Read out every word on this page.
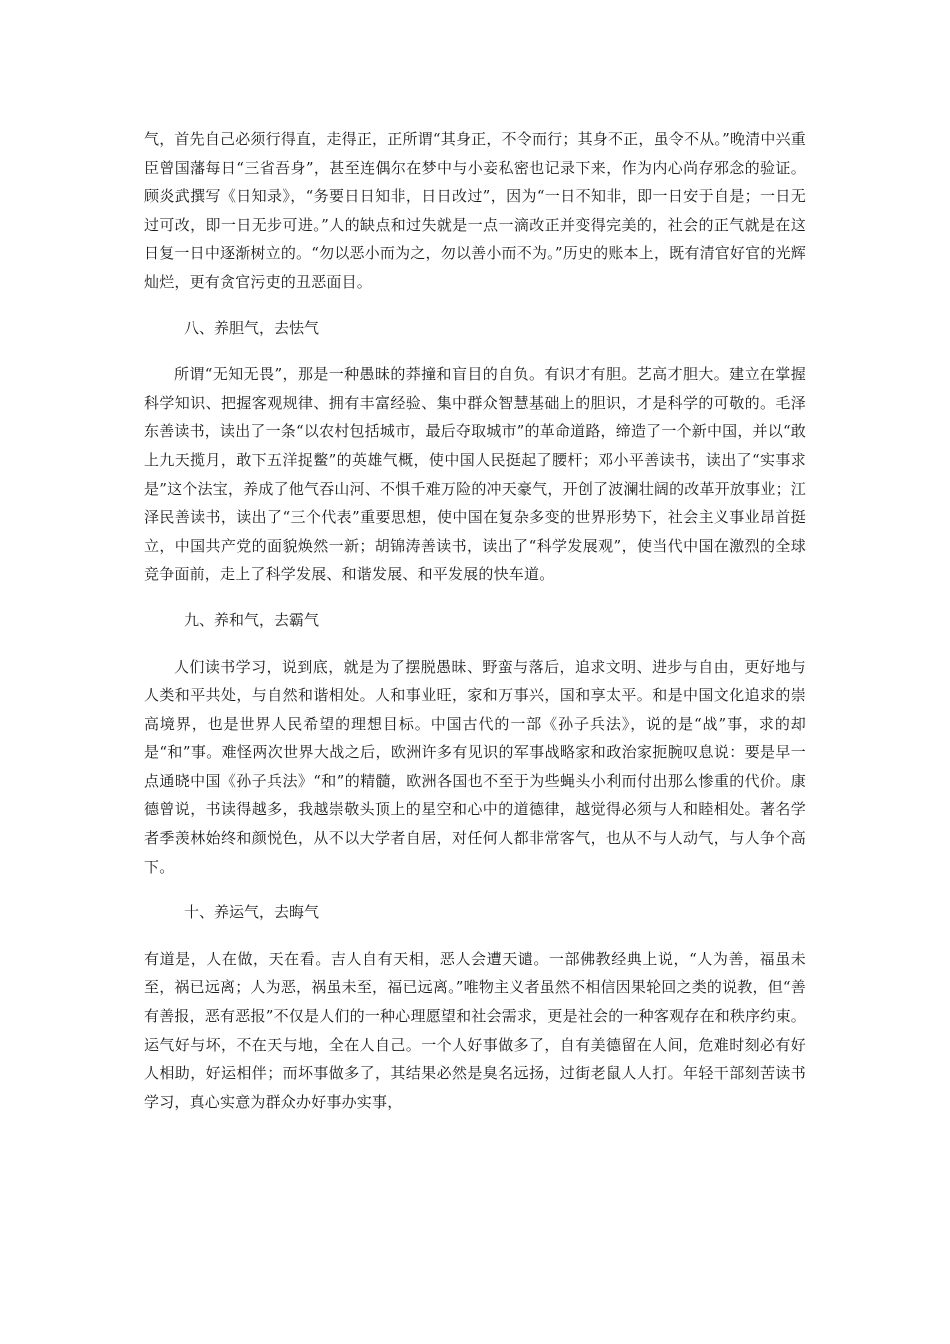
气，首先自己必须行得直，走得正，正所谓“其身正，不令而行；其身不正，虽令不从。”晚清中兴重臣曾国藩每日“三省吾身”，甚至连偶尔在梦中与小妾私密也记录下来，作为内心尚存邪念的验证。顾炎武撰写《日知录》，“务要日日知非，日日改过”，因为“一日不知非，即一日安于自是；一日无过可改，即一日无步可进。”人的缺点和过失就是一点一滴改正并变得完美的，社会的正气就是在这日复一日中逐渐树立的。“勿以恶小而为之，勿以善小而不为。”历史的账本上，既有清官好官的光辉灿烂，更有贪官污吏的丑恶面目。

八、养胆气，去怯气

所谓“无知无畏”，那是一种愚昧的莽撞和盲目的自负。有识才有胆。艺高才胆大。建立在掌握科学知识、把握客观规律、拥有丰富经验、集中群众智慧基础上的胆识，才是科学的可敬的。毛泽东善读书，读出了一条“以农村包括城市，最后夺取城市”的革命道路，缔造了一个新中国，并以“敢上九天揽月，敢下五洋捉鳖”的英雄气概，使中国人民挺起了腰杆；邓小平善读书，读出了“实事求是”这个法宝，养成了他气吞山河、不惧千难万险的冲天豪气，开创了波澜壮阔的改革开放事业；江泽民善读书，读出了“三个代表”重要思想，使中国在复杂多变的世界形势下，社会主义事业昂首挺立，中国共产党的面貌焕然一新；胡锦涛善读书，读出了“科学发展观”，使当代中国在激烈的全球竞争面前，走上了科学发展、和谐发展、和平发展的快车道。

九、养和气，去霸气

人们读书学习，说到底，就是为了摆脱愚昧、野蛮与落后，追求文明、进步与自由，更好地与人类和平共处，与自然和谐相处。人和事业旺，家和万事兴，国和享太平。和是中国文化追求的崇高境界，也是世界人民希望的理想目标。中国古代的一部《孙子兵法》，说的是“战”事，求的却是“和”事。难怪两次世界大战之后，欧洲许多有见识的军事战略家和政治家扼腕叹息说：要是早一点通晓中国《孙子兵法》“和”的精髓，欧洲各国也不至于为些蝇头小利而付出那么惨重的代价。康德曾说，书读得越多，我越崇敬头顶上的星空和心中的道德律，越觉得必须与人和睦相处。著名学者季羡林始终和颜悦色，从不以大学者自居，对任何人都非常客气，也从不与人动气，与人争个高下。

十、养运气，去晦气

有道是，人在做，天在看。吉人自有天相，恶人会遭天谴。一部佛教经典上说，“人为善，福虽未至，祸已远离；人为恶，祸虽未至，福已远离。”唯物主义者虽然不相信因果轮回之类的说教，但“善有善报，恶有恶报”不仅是人们的一种心理愿望和社会需求，更是社会的一种客观存在和秩序约束。运气好与坏，不在天与地，全在人自己。一个人好事做多了，自有美德留在人间，危难时刻必有好人相助，好运相伴；而坏事做多了，其结果必然是臭名远扬，过街老鼠人人打。年轻干部刻苦读书学习，真心实意为群众办好事办实事，
